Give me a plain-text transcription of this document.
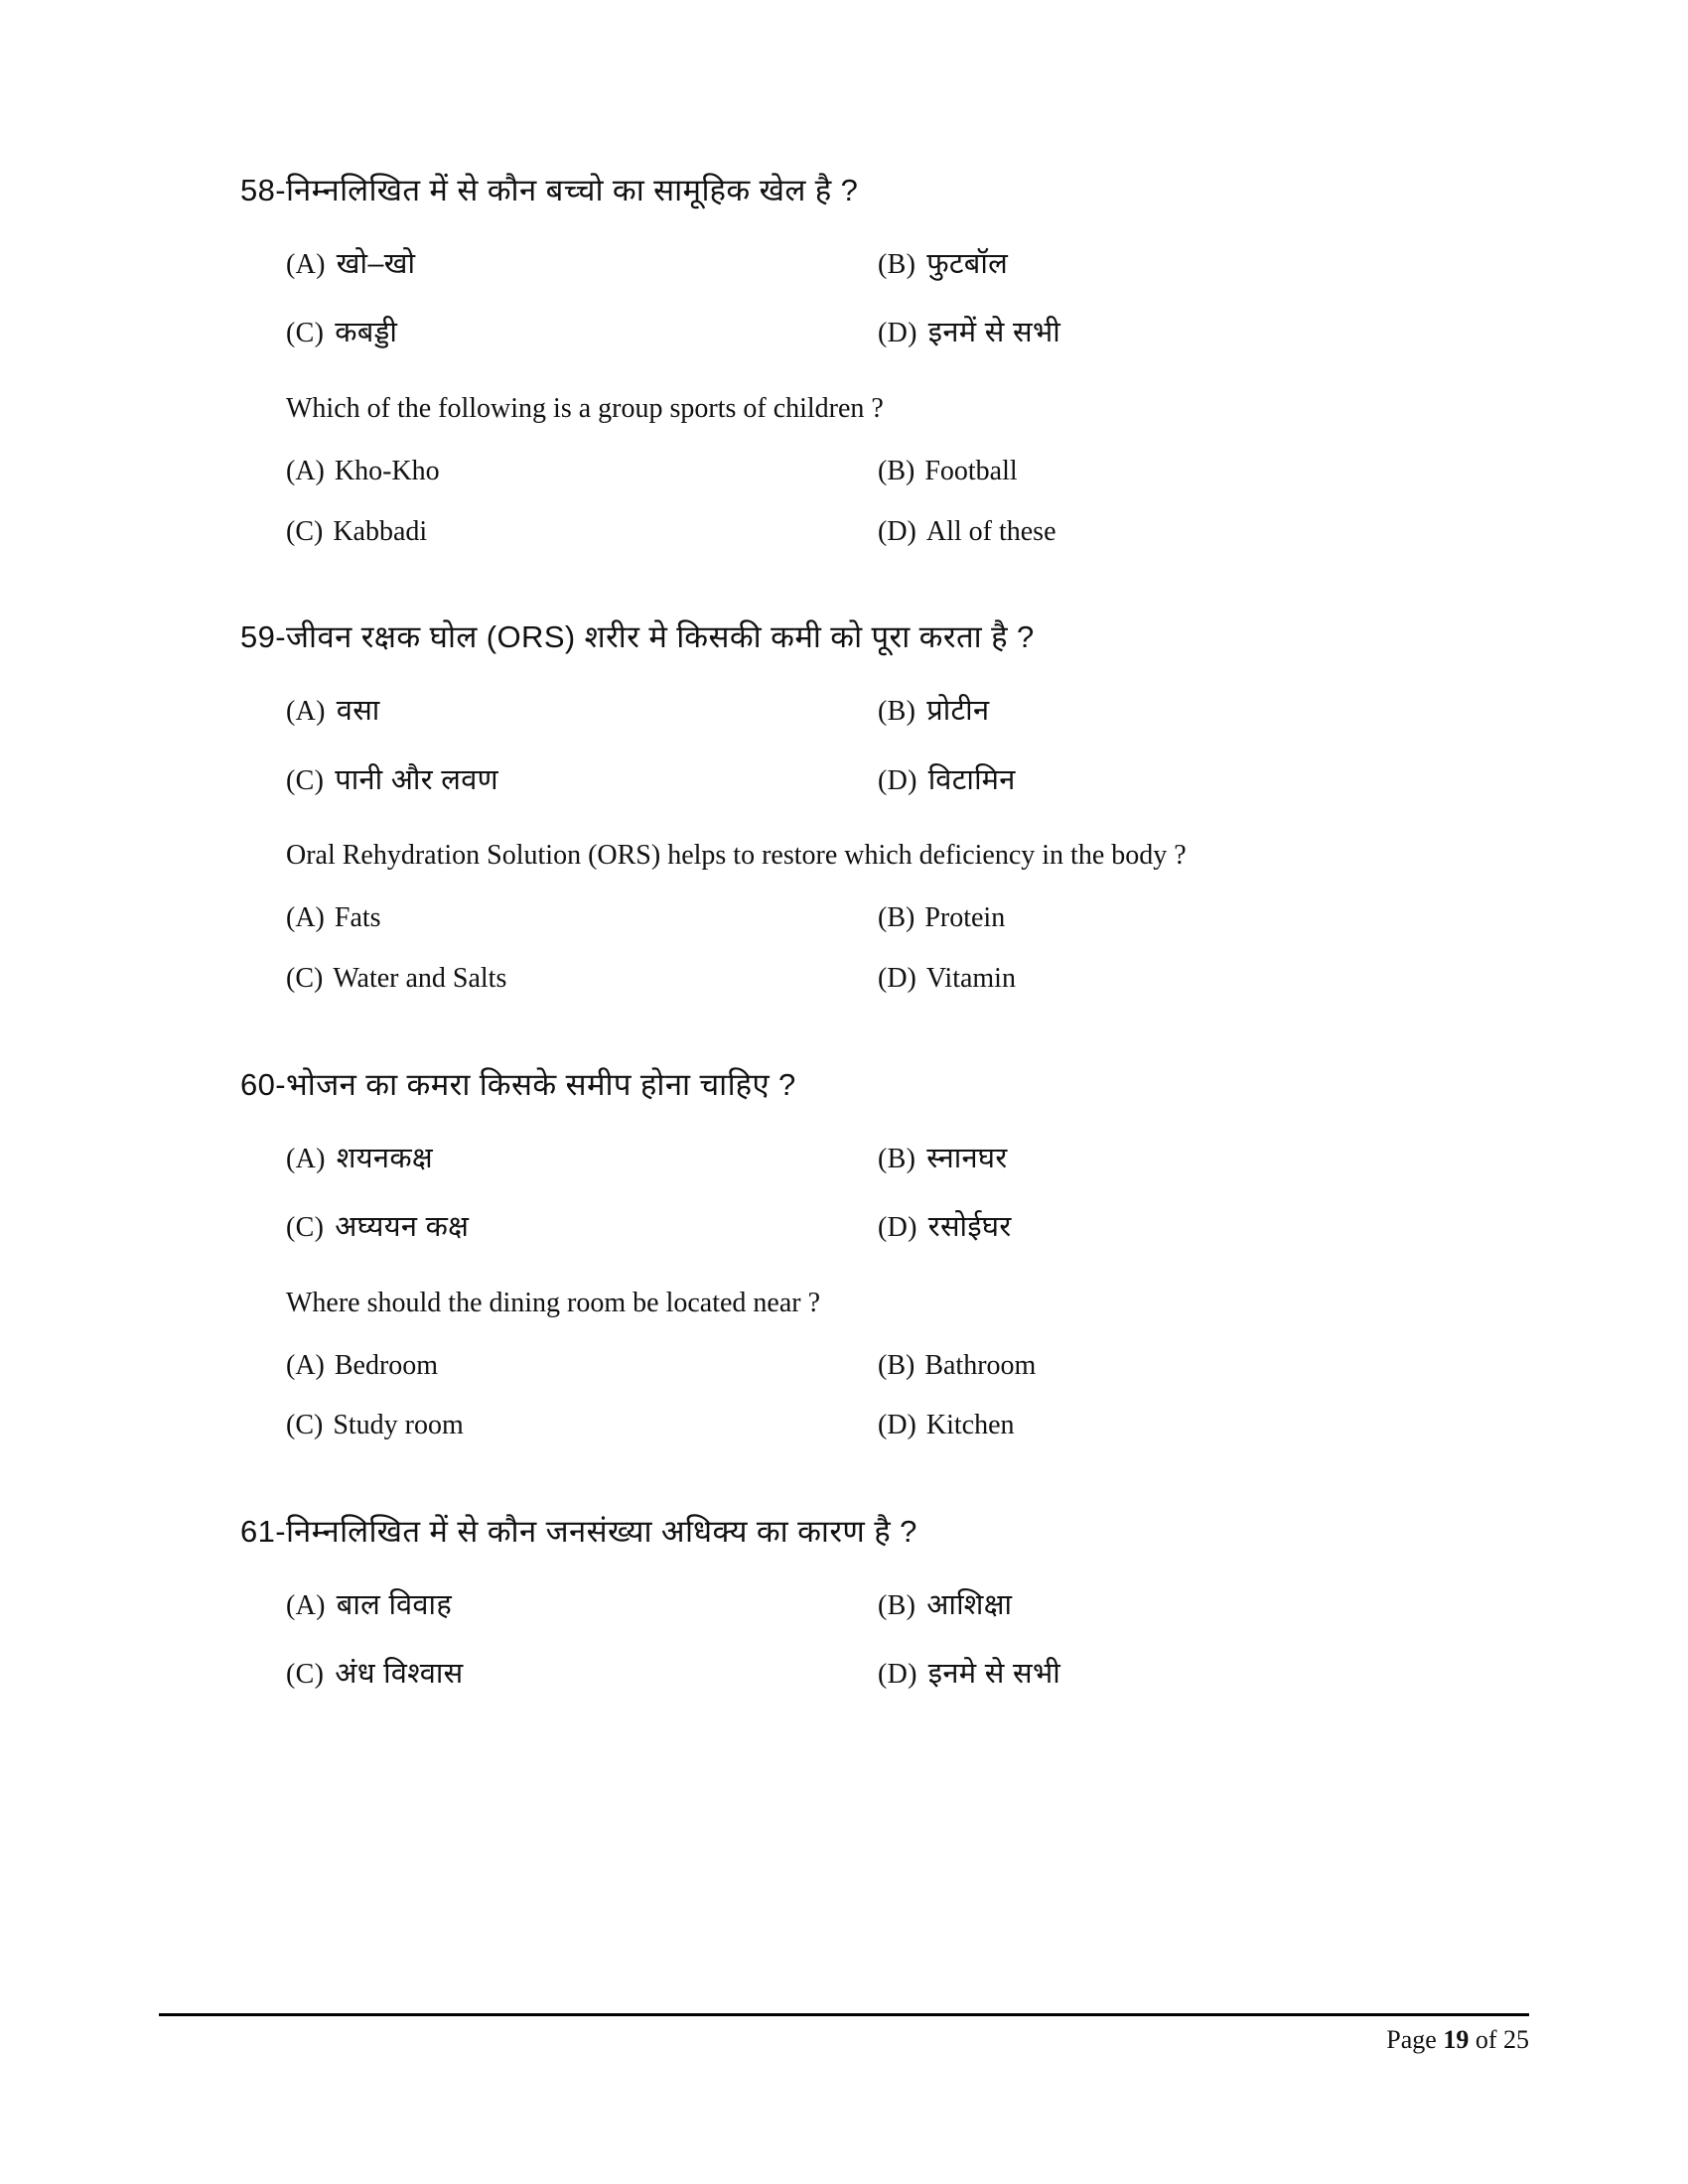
58-निम्नलिखित में से कौन बच्चो का सामूहिक खेल है ?
(A) खो–खो	(B) फुटबॉल
(C) कबड्डी	(D) इनमें से सभी
Which of the following is a group sports of children ?
(A) Kho-Kho	(B) Football
(C) Kabbadi	(D) All of these
59-जीवन रक्षक घोल (ORS) शरीर मे किसकी कमी को पूरा करता है ?
(A) वसा	(B) प्रोटीन
(C) पानी और लवण	(D) विटामिन
Oral Rehydration Solution (ORS) helps to restore which deficiency in the body ?
(A) Fats	(B) Protein
(C) Water and Salts	(D) Vitamin
60-भोजन का कमरा किसके समीप होना चाहिए ?
(A) शयनकक्ष	(B) स्नानघर
(C) अघ्ययन कक्ष	(D) रसोईघर
Where should the dining room be located near ?
(A) Bedroom	(B) Bathroom
(C) Study room	(D) Kitchen
61-निम्नलिखित में से कौन जनसंख्या अधिक्य का कारण है ?
(A) बाल विवाह	(B) आशिक्षा
(C) अंध विश्वास	(D) इनमे से सभी
Page 19 of 25
